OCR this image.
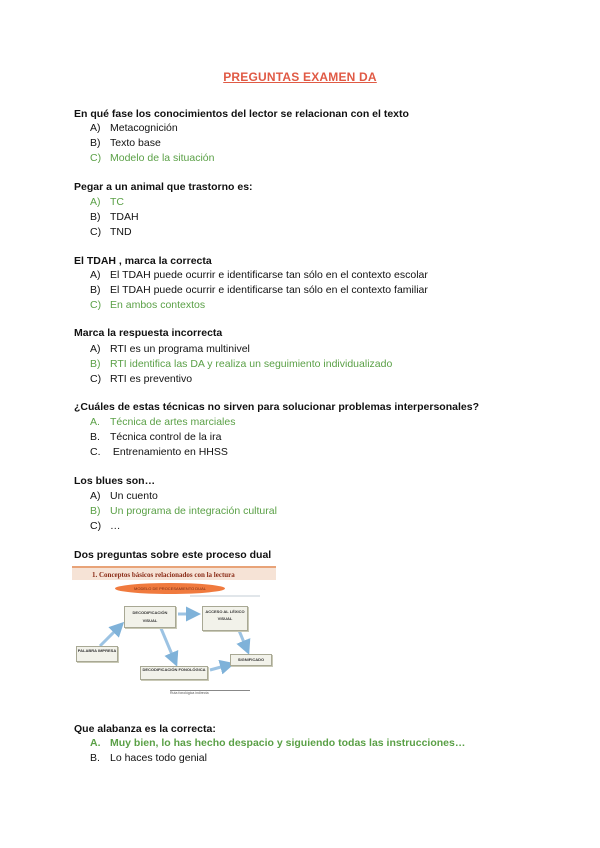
PREGUNTAS EXAMEN DA
En qué fase los conocimientos del lector se relacionan con el texto
A) Metacognición
B) Texto base
C) Modelo de la situación
Pegar a un animal que trastorno es:
A) TC
B) TDAH
C) TND
El TDAH , marca la correcta
A) El TDAH puede ocurrir e identificarse tan sólo en el contexto escolar
B) El TDAH puede ocurrir e identificarse tan sólo en el contexto familiar
C) En ambos contextos
Marca la respuesta incorrecta
A) RTI es un programa multinivel
B) RTI identifica las DA y realiza un seguimiento individualizado
C) RTI es preventivo
¿Cuáles de estas técnicas no sirven para solucionar problemas interpersonales?
A. Técnica de artes marciales
B. Técnica control de la ira
C. Entrenamiento en HHSS
Los blues son…
A) Un cuento
B) Un programa de integración cultural
C) …
Dos preguntas sobre este proceso dual
1. Conceptos básicos relacionados con la lectura
MODELO DE PROCESAMIENTO DUAL
DECODIFICACIÓN VISUAL
ACCESO AL LÉXICO VISUAL
PALABRA IMPRESA
DECODIFICACIÓN FONOLÓGICA
SIGNIFICADO
Ruta fonológica indirecta
Que alabanza es la correcta:
A. Muy bien, lo has hecho despacio y siguiendo todas las instrucciones…
B. Lo haces todo genial
